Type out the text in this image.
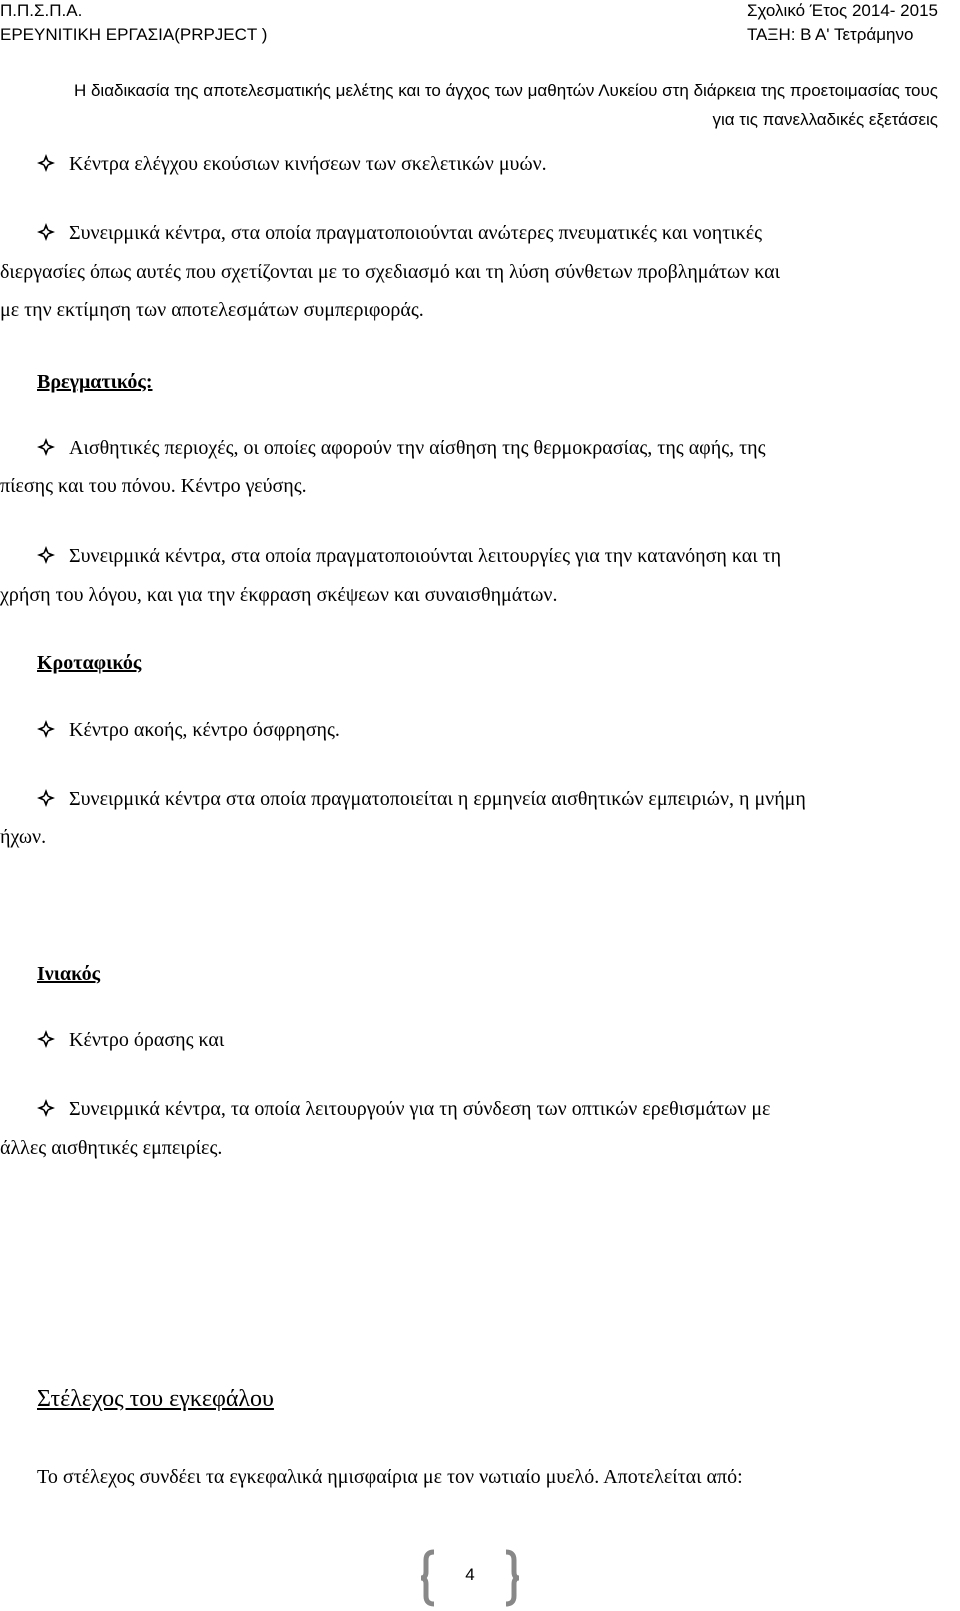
Π.Π.Σ.Π.Α.
ΕΡΕΥΝΙΤΙΚΗ ΕΡΓΑΣΙΑ(PRPJECT )
Σχολικό Έτος 2014- 2015
ΤΑΞΗ: Β Α' Τετράμηνο
Η διαδικασία της αποτελεσματικής μελέτης και το άγχος των μαθητών Λυκείου στη διάρκεια της προετοιμασίας τους για τις πανελλαδικές εξετάσεις
Κέντρα ελέγχου εκούσιων κινήσεων των σκελετικών μυών.
Συνειρμικά κέντρα, στα οποία πραγματοποιούνται ανώτερες πνευματικές και νοητικές
διεργασίες όπως αυτές που σχετίζονται με το σχεδιασμό και τη λύση σύνθετων προβλημάτων και
με την εκτίμηση των αποτελεσμάτων συμπεριφοράς.
Βρεγματικός:
Αισθητικές περιοχές, οι οποίες αφορούν την αίσθηση της θερμοκρασίας, της αφής, της
πίεσης και του πόνου. Κέντρο γεύσης.
Συνειρμικά κέντρα, στα οποία πραγματοποιούνται λειτουργίες για την κατανόηση και τη
χρήση του λόγου, και για την έκφραση σκέψεων και συναισθημάτων.
Κροταφικός
Κέντρο ακοής, κέντρο όσφρησης.
Συνειρμικά κέντρα στα οποία πραγματοποιείται η ερμηνεία αισθητικών εμπειριών, η μνήμη
ήχων.
Ινιακός
Κέντρο όρασης και
Συνειρμικά κέντρα, τα οποία λειτουργούν για τη σύνδεση των οπτικών ερεθισμάτων με
άλλες αισθητικές εμπειρίες.
Στέλεχος του εγκεφάλου
Το στέλεχος συνδέει τα εγκεφαλικά ημισφαίρια με τον νωτιαίο μυελό. Αποτελείται από:
4
